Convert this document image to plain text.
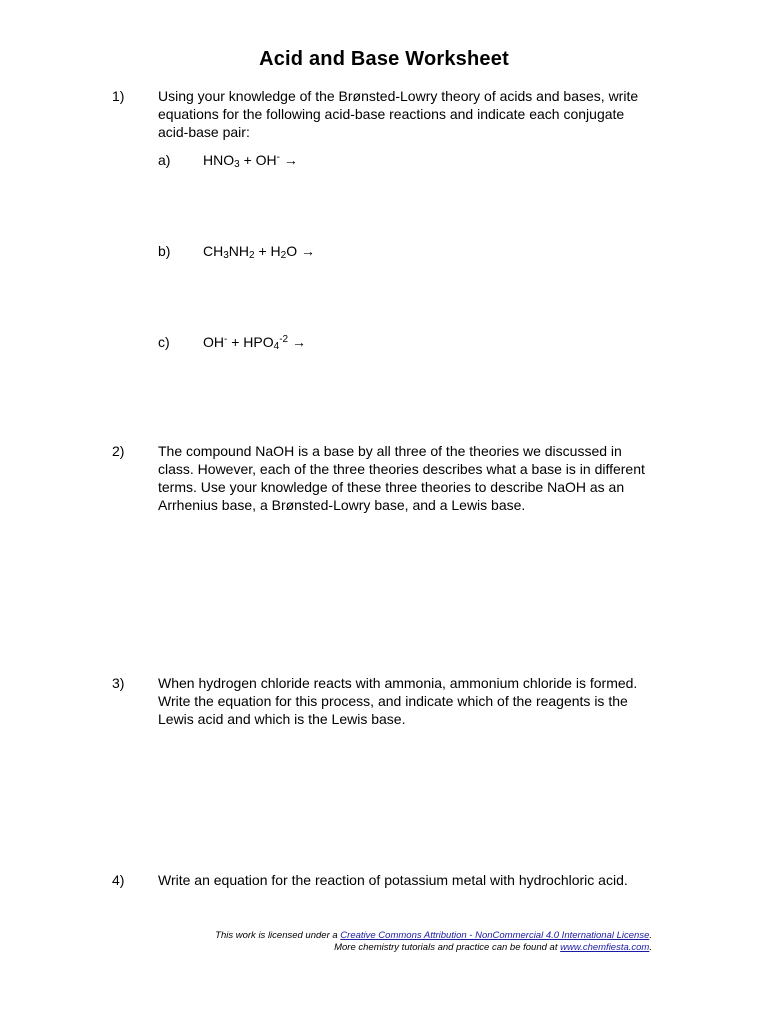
Acid and Base Worksheet
1) Using your knowledge of the Brønsted-Lowry theory of acids and bases, write equations for the following acid-base reactions and indicate each conjugate acid-base pair:
a) $HNO_3 + OH^-$ →
b) $CH_3NH_2 + H_2O$ →
c) $OH^- + HPO_4^{-2}$ →
2) The compound NaOH is a base by all three of the theories we discussed in class. However, each of the three theories describes what a base is in different terms. Use your knowledge of these three theories to describe NaOH as an Arrhenius base, a Brønsted-Lowry base, and a Lewis base.
3) When hydrogen chloride reacts with ammonia, ammonium chloride is formed. Write the equation for this process, and indicate which of the reagents is the Lewis acid and which is the Lewis base.
4) Write an equation for the reaction of potassium metal with hydrochloric acid.
This work is licensed under a Creative Commons Attribution - NonCommercial 4.0 International License.
More chemistry tutorials and practice can be found at www.chemfiesta.com.
